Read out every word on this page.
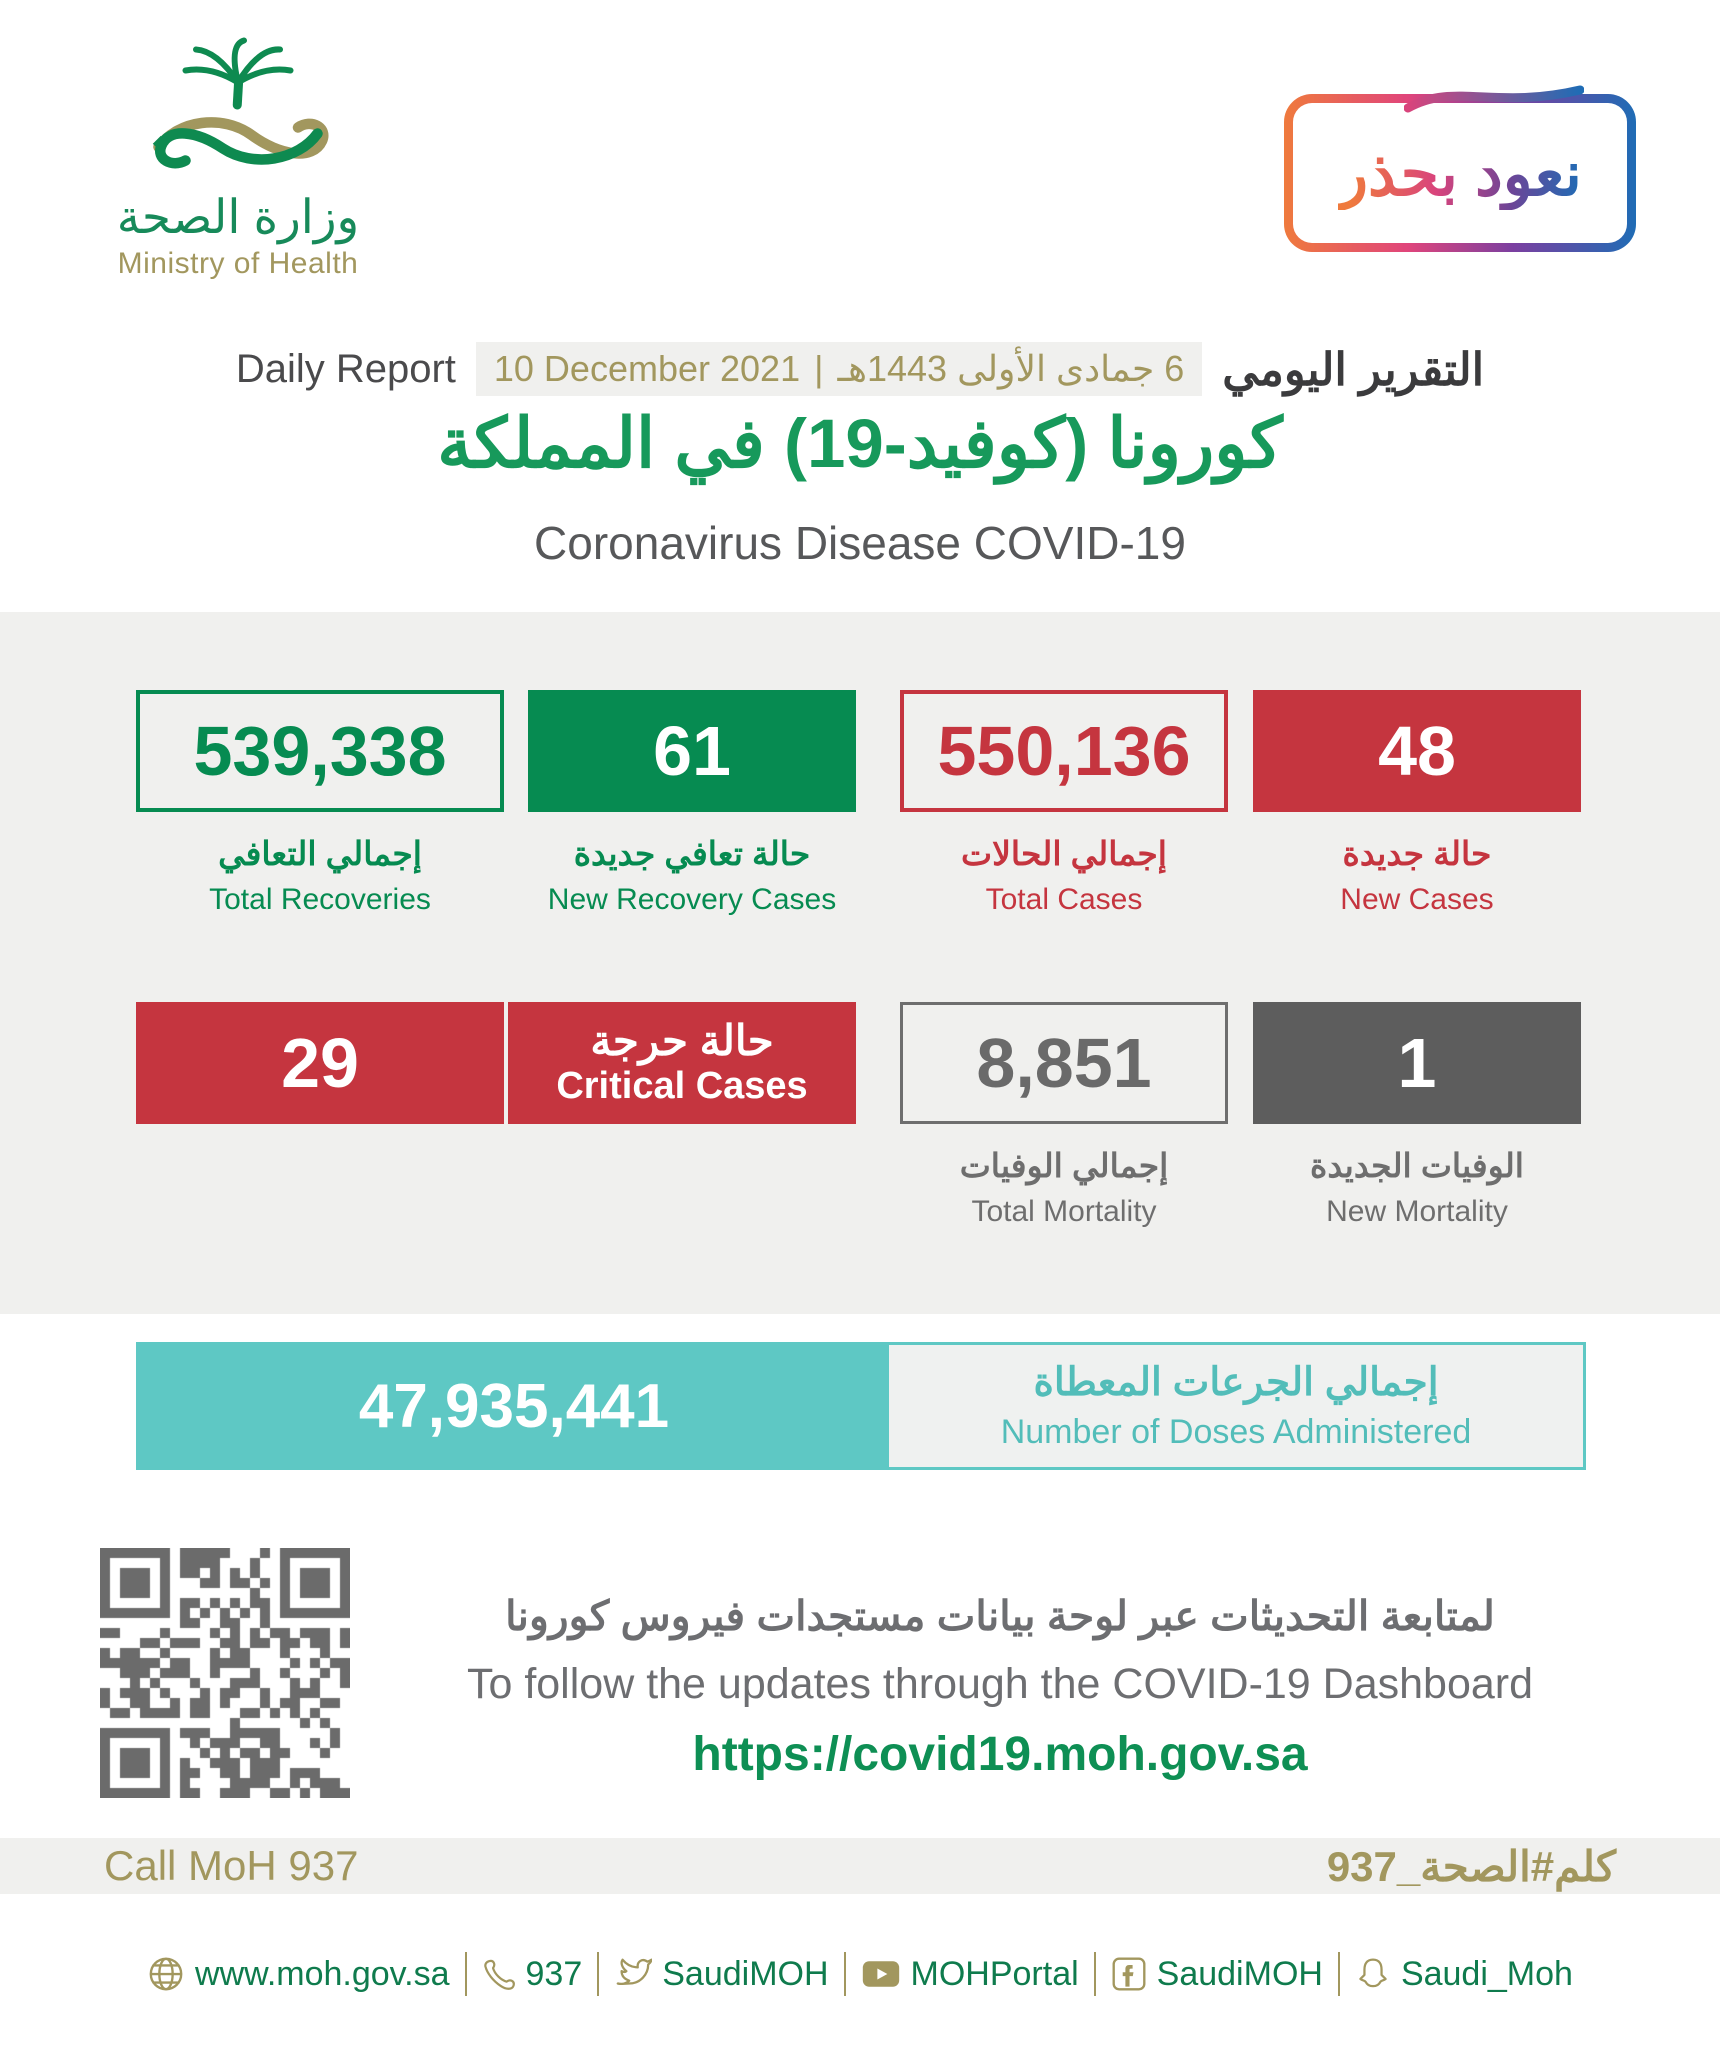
وزارة الصحة
Ministry of Health
نعود بحذر
Daily Report 10 December 2021 | 6 جمادى الأولى 1443هـ التقرير اليومي
كورونا (كوفيد-19) في المملكة
Coronavirus Disease COVID-19
539,338	61	550,136	48
إجمالي التعافي
Total Recoveries
حالة تعافي جديدة
New Recovery Cases
إجمالي الحالات
Total Cases
حالة جديدة
New Cases
29	حالة حرجة
Critical Cases	8,851	1
إجمالي الوفيات
Total Mortality
الوفيات الجديدة
New Mortality
47,935,441	إجمالي الجرعات المعطاة
Number of Doses Administered
لمتابعة التحديثات عبر لوحة بيانات مستجدات فيروس كورونا
To follow the updates through the COVID-19 Dashboard
https://covid19.moh.gov.sa
Call MoH 937	كلم#الصحة_937
www.moh.gov.sa 937 SaudiMOH MOHPortal SaudiMOH Saudi_Moh
